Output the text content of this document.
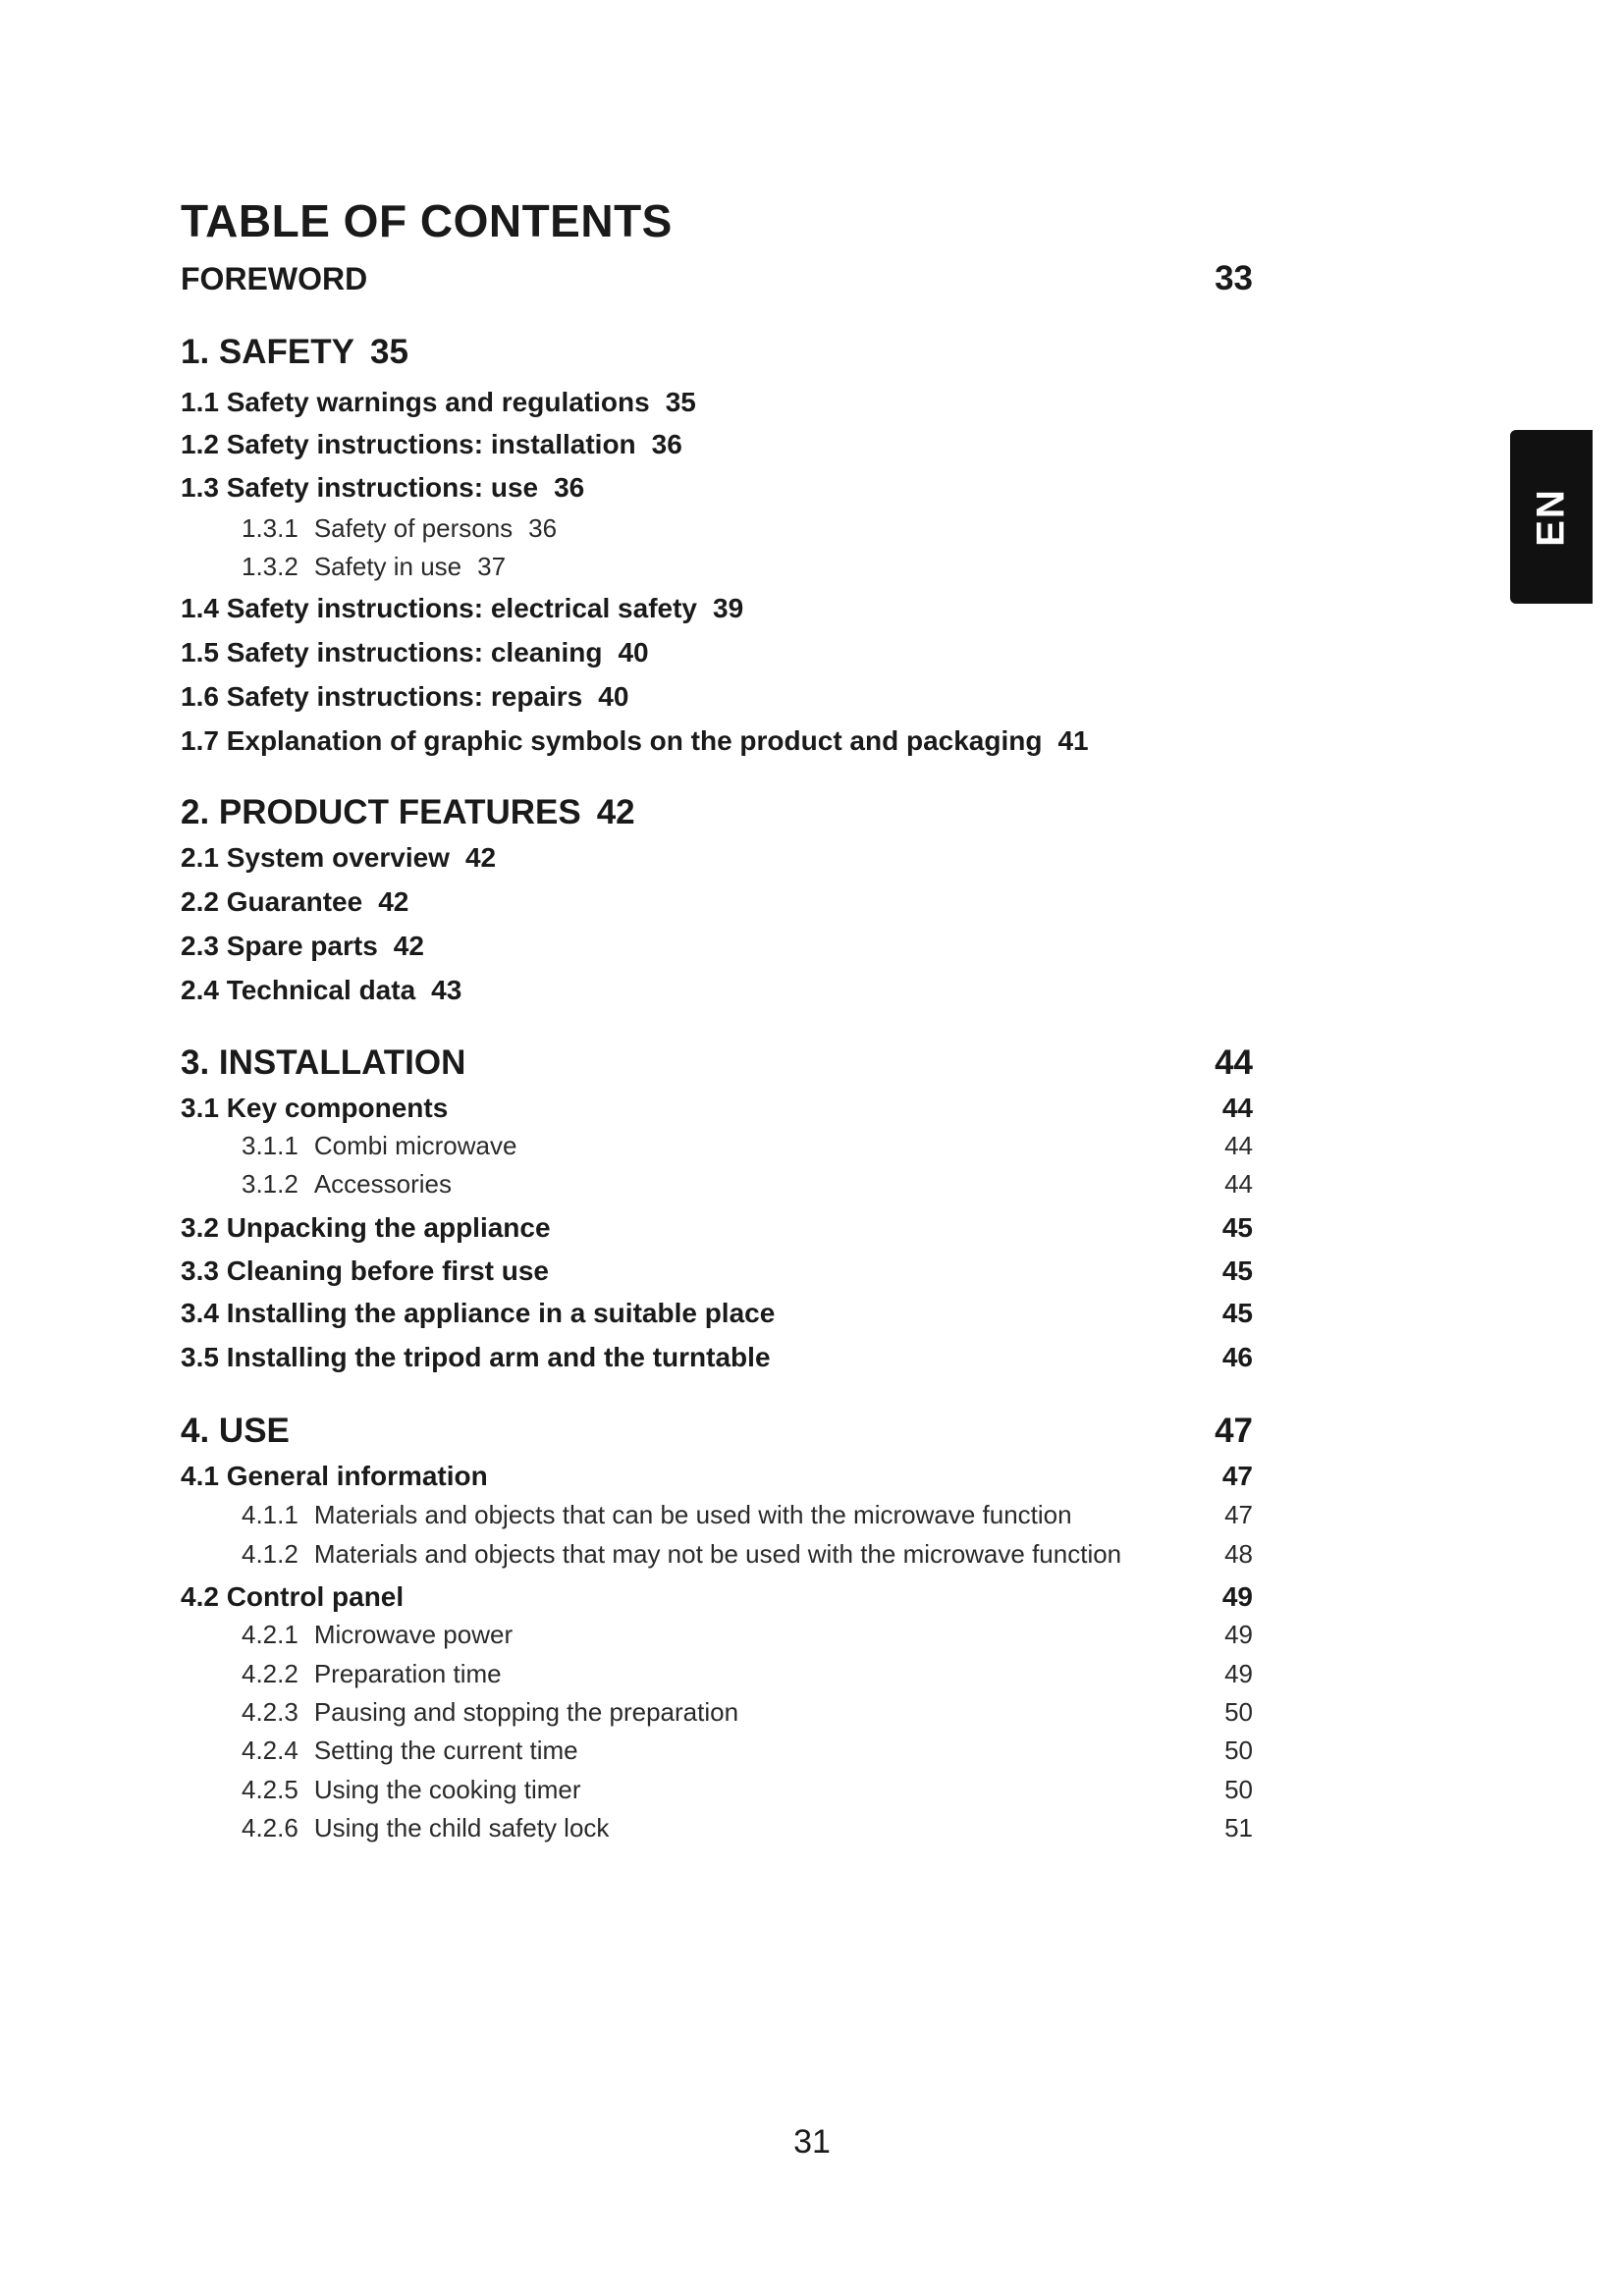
TABLE OF CONTENTS
FOREWORD	33
1. SAFETY 35
1.1 Safety warnings and regulations 35
1.2 Safety instructions: installation 36
1.3 Safety instructions: use 36
1.3.1 Safety of persons 36
1.3.2 Safety in use 37
1.4 Safety instructions: electrical safety 39
1.5 Safety instructions: cleaning 40
1.6 Safety instructions: repairs 40
1.7 Explanation of graphic symbols on the product and packaging 41
2. PRODUCT FEATURES 42
2.1 System overview 42
2.2 Guarantee 42
2.3 Spare parts 42
2.4 Technical data 43
3. INSTALLATION	44
3.1 Key components	44
3.1.1 Combi microwave	44
3.1.2 Accessories	44
3.2 Unpacking the appliance	45
3.3 Cleaning before first use	45
3.4 Installing the appliance in a suitable place	45
3.5 Installing the tripod arm and the turntable	46
4. USE	47
4.1 General information	47
4.1.1 Materials and objects that can be used with the microwave function	47
4.1.2 Materials and objects that may not be used with the microwave function	48
4.2 Control panel	49
4.2.1 Microwave power	49
4.2.2 Preparation time	49
4.2.3 Pausing and stopping the preparation	50
4.2.4 Setting the current time	50
4.2.5 Using the cooking timer	50
4.2.6 Using the child safety lock	51
EN
31
